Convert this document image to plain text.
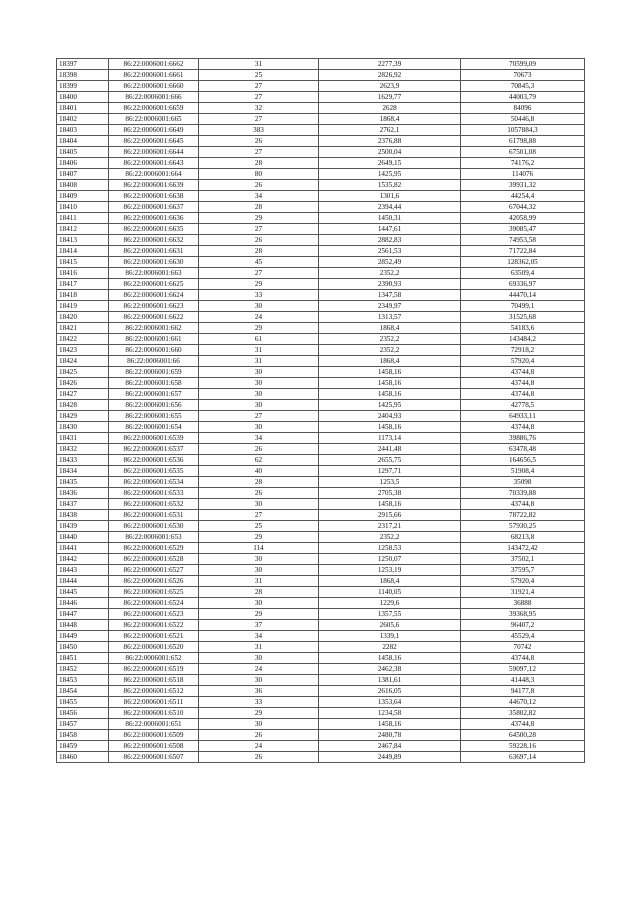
18397	86:22:0006001:6662	31	2277,39	70599,09
18398	86:22:0006001:6661	25	2826,92	70673
18399	86:22:0006001:6660	27	2623,9	70845,3
18400	86:22:0006001:666	27	1629,77	44003,79
18401	86:22:0006001:6659	32	2628	84096
18402	86:22:0006001:665	27	1868,4	50446,8
18403	86:22:0006001:6649	383	2762,1	1057884,3
18404	86:22:0006001:6645	26	2376,88	61798,88
18405	86:22:0006001:6644	27	2500,04	67501,08
18406	86:22:0006001:6643	28	2649,15	74176,2
18407	86:22:0006001:664	80	1425,95	114076
18408	86:22:0006001:6639	26	1535,82	39931,32
18409	86:22:0006001:6638	34	1301,6	44254,4
18410	86:22:0006001:6637	28	2394,44	67044,32
18411	86:22:0006001:6636	29	1450,31	42058,99
18412	86:22:0006001:6635	27	1447,61	39085,47
18413	86:22:0006001:6632	26	2882,83	74953,58
18414	86:22:0006001:6631	28	2561,53	71722,84
18415	86:22:0006001:6630	45	2852,49	128362,05
18416	86:22:0006001:663	27	2352,2	63509,4
18417	86:22:0006001:6625	29	2390,93	69336,97
18418	86:22:0006001:6624	33	1347,58	44470,14
18419	86:22:0006001:6623	30	2349,97	70499,1
18420	86:22:0006001:6622	24	1313,57	31525,68
18421	86:22:0006001:662	29	1868,4	54183,6
18422	86:22:0006001:661	61	2352,2	143484,2
18423	86:22:0006001:660	31	2352,2	72918,2
18424	86:22:0006001:66	31	1868,4	57920,4
18425	86:22:0006001:659	30	1458,16	43744,8
18426	86:22:0006001:658	30	1458,16	43744,8
18427	86:22:0006001:657	30	1458,16	43744,8
18428	86:22:0006001:656	30	1425,95	42778,5
18429	86:22:0006001:655	27	2404,93	64933,11
18430	86:22:0006001:654	30	1458,16	43744,8
18431	86:22:0006001:6539	34	1173,14	39886,76
18432	86:22:0006001:6537	26	2441,48	63478,48
18433	86:22:0006001:6536	62	2655,75	164656,5
18434	86:22:0006001:6535	40	1297,71	51908,4
18435	86:22:0006001:6534	28	1253,5	35098
18436	86:22:0006001:6533	26	2705,38	70339,88
18437	86:22:0006001:6532	30	1458,16	43744,8
18438	86:22:0006001:6531	27	2915,66	78722,82
18439	86:22:0006001:6530	25	2317,21	57930,25
18440	86:22:0006001:653	29	2352,2	68213,8
18441	86:22:0006001:6529	114	1258,53	143472,42
18442	86:22:0006001:6528	30	1250,07	37502,1
18443	86:22:0006001:6527	30	1253,19	37595,7
18444	86:22:0006001:6526	31	1868,4	57920,4
18445	86:22:0006001:6525	28	1140,05	31921,4
18446	86:22:0006001:6524	30	1229,6	36888
18447	86:22:0006001:6523	29	1357,55	39368,95
18448	86:22:0006001:6522	37	2605,6	96407,2
18449	86:22:0006001:6521	34	1339,1	45529,4
18450	86:22:0006001:6520	31	2282	70742
18451	86:22:0006001:652	30	1458,16	43744,8
18452	86:22:0006001:6519	24	2462,38	59097,12
18453	86:22:0006001:6518	30	1381,61	41448,3
18454	86:22:0006001:6512	36	2616,05	94177,8
18455	86:22:0006001:6511	33	1353,64	44670,12
18456	86:22:0006001:6510	29	1234,58	35802,82
18457	86:22:0006001:651	30	1458,16	43744,8
18458	86:22:0006001:6509	26	2480,78	64500,28
18459	86:22:0006001:6508	24	2467,84	59228,16
18460	86:22:0006001:6507	26	2449,89	63697,14
